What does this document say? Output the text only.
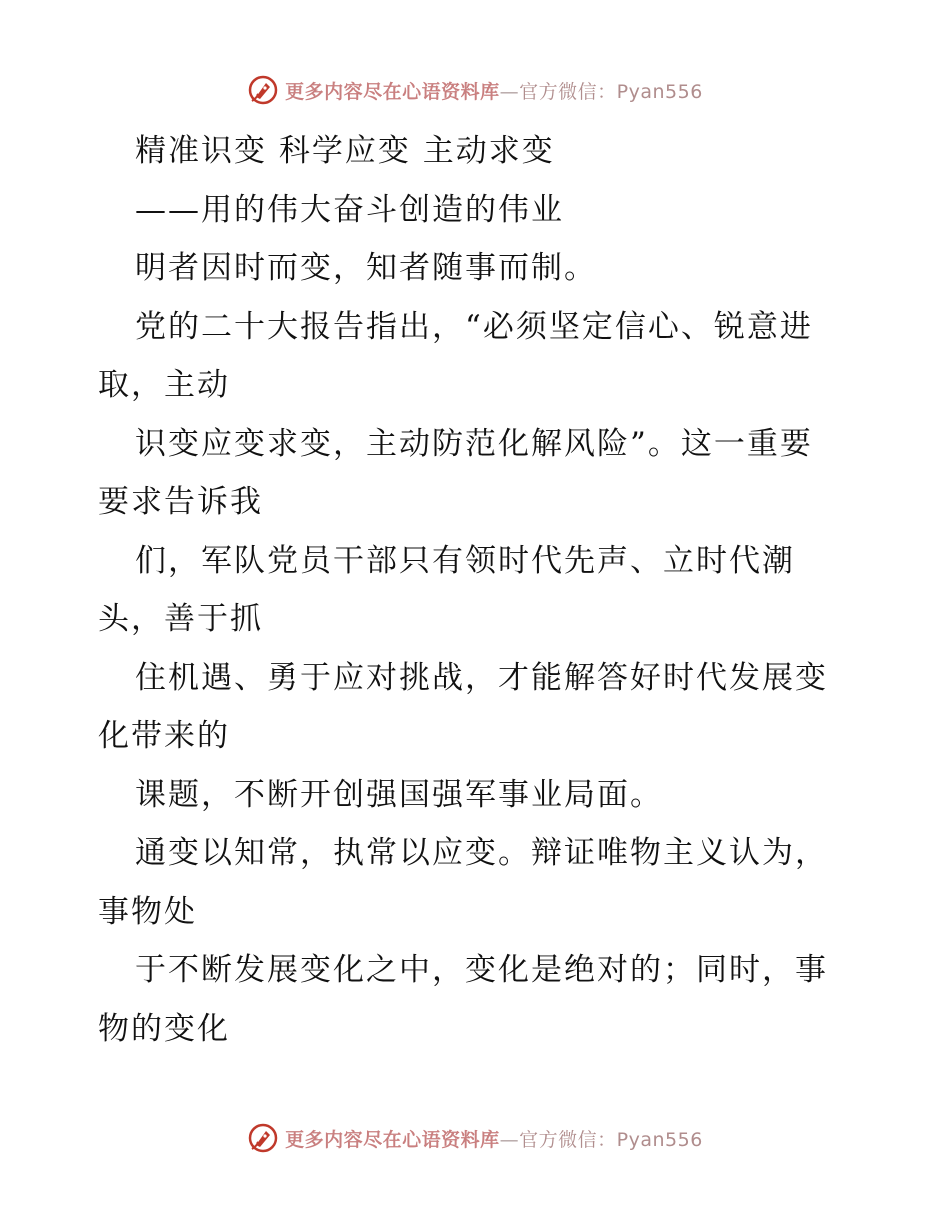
更多内容尽在心语资料库—官方微信：Pyan556
精准识变 科学应变 主动求变
——用的伟大奋斗创造的伟业
明者因时而变，知者随事而制。
党的二十大报告指出，“必须坚定信心、锐意进
取，主动
识变应变求变，主动防范化解风险”。这一重要
要求告诉我
们，军队党员干部只有领时代先声、立时代潮
头，善于抓
住机遇、勇于应对挑战，才能解答好时代发展变
化带来的
课题，不断开创强国强军事业局面。
通变以知常，执常以应变。辩证唯物主义认为，
事物处
于不断发展变化之中，变化是绝对的；同时，事
物的变化
更多内容尽在心语资料库—官方微信：Pyan556
